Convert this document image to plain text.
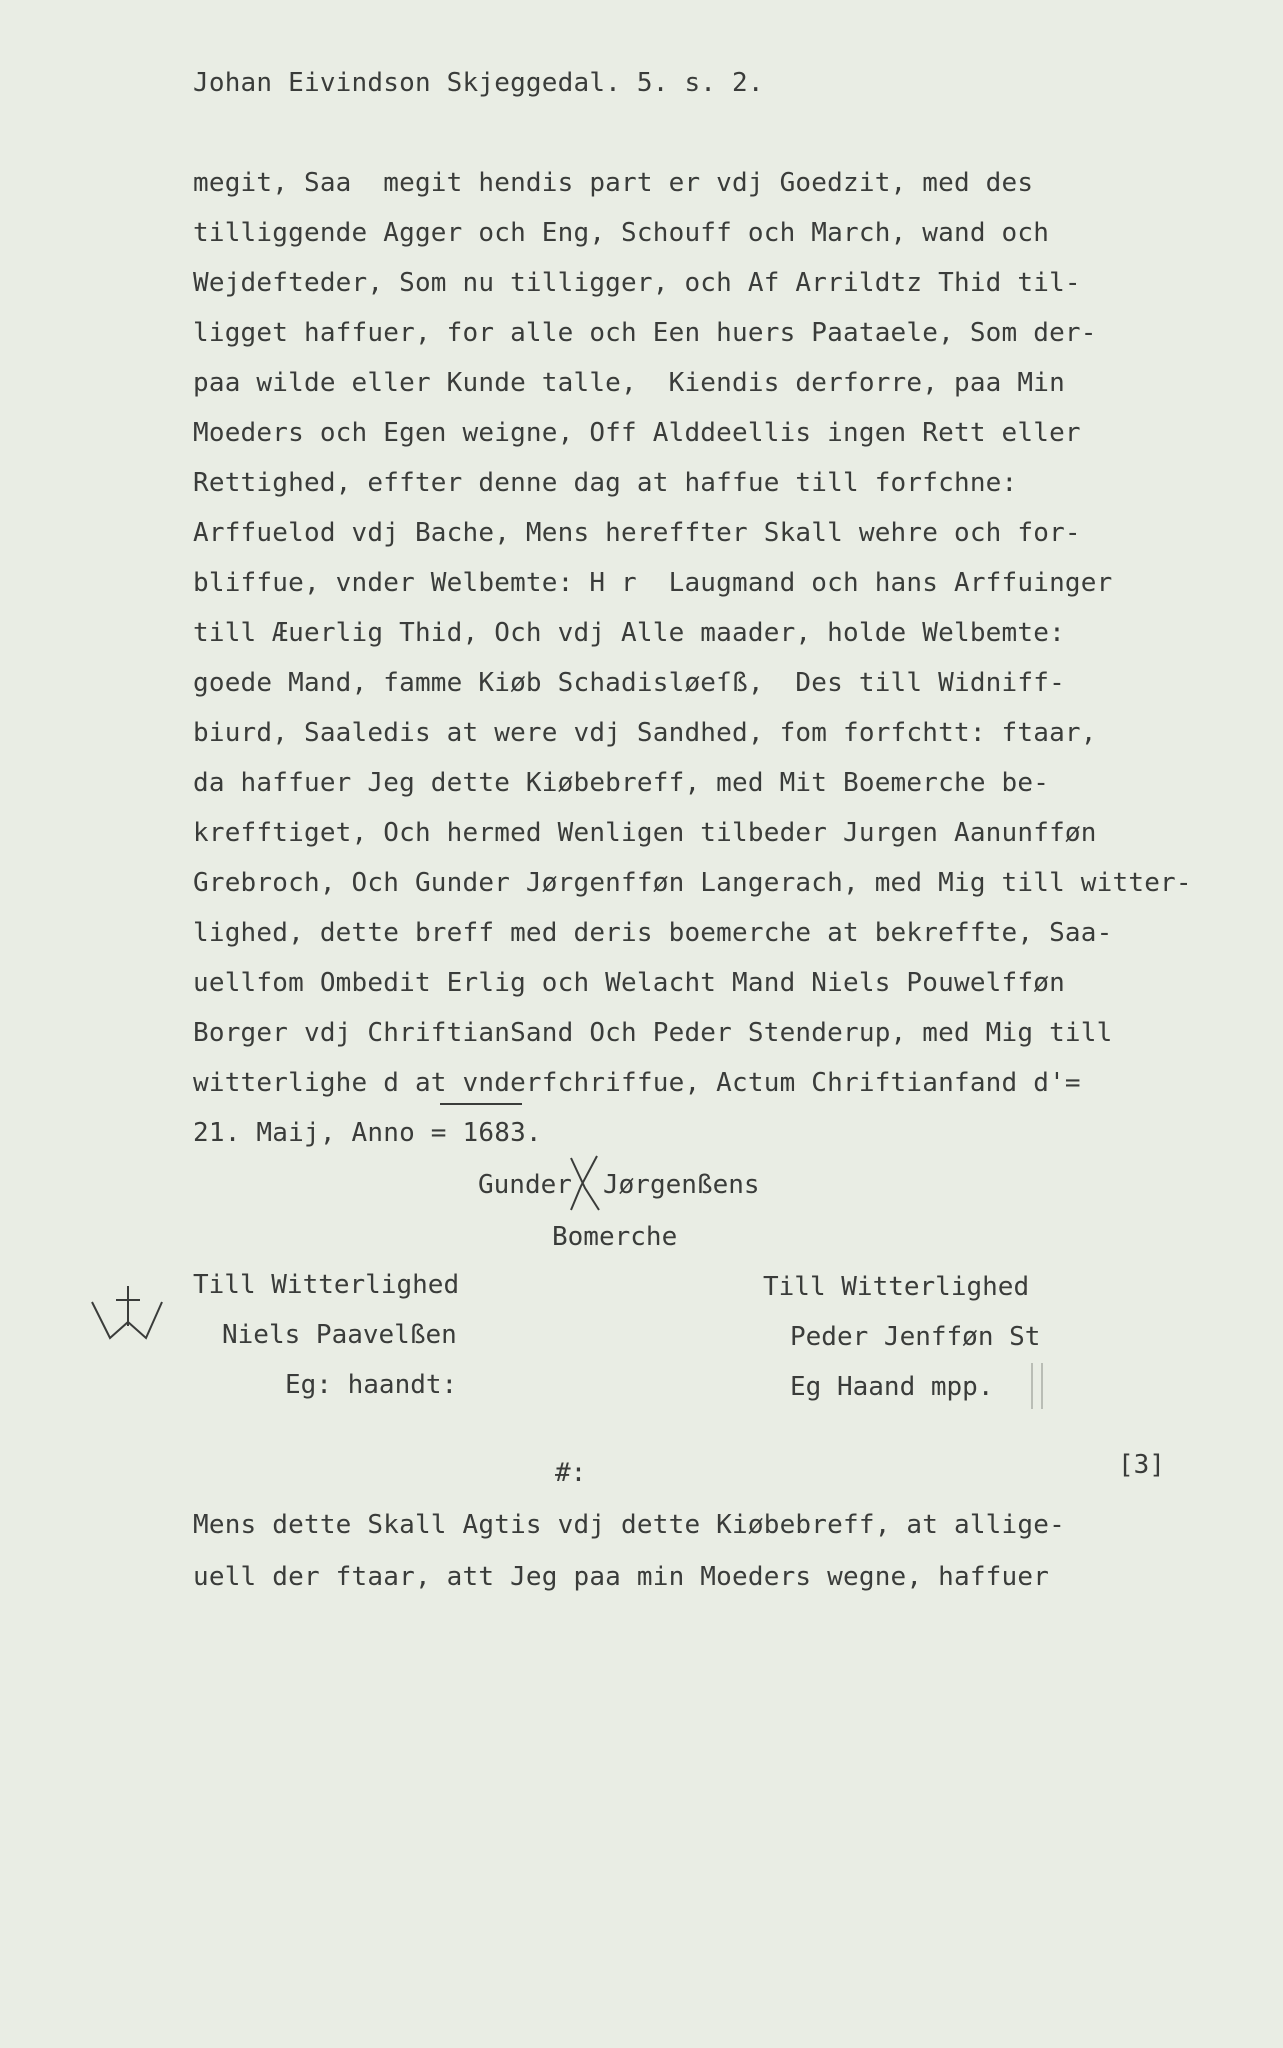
Johan Eivindson Skjeggedal. 5. s. 2.
megit, Saa  megit hendis part er vdj Goedzit, med des
tilliggende Agger och Eng, Schouff och March, wand och
Wejdefteder, Som nu tilligger, och Af Arrildtz Thid til-
ligget haffuer, for alle och Een huers Paataele, Som der-
paa wilde eller Kunde talle,  Kiendis derforre, paa Min
Moeders och Egen weigne, Off Alddeellis ingen Rett eller
Rettighed, effter denne dag at haffue till forfchne:
Arffuelod vdj Bache, Mens hereffter Skall wehre och for-
bliffue, vnder Welbemte: H r  Laugmand och hans Arffuinger
till Æuerlig Thid, Och vdj Alle maader, holde Welbemte:
goede Mand, famme Kiøb Schadisløeſß,  Des till Widniff-
biurd, Saaledis at were vdj Sandhed, fom forfchtt: ftaar,
da haffuer Jeg dette Kiøbebreff, med Mit Boemerche be-
krefftiget, Och hermed Wenligen tilbeder Jurgen Aanunfføn
Grebroch, Och Gunder Jørgenfføn Langerach, med Mig till witter-
lighed, dette breff med deris boemerche at bekreffte, Saa-
uellfom Ombedit Erlig och Welacht Mand Niels Pouwelfføn
Borger vdj ChriftianSand Och Peder Stenderup, med Mig till
witterlighe d at vnderfchriffue, Actum Chriftianfand d'=
21. Maij, Anno = 1683.
Gunder Jørgenßens
Bomerche
Till Witterlighed
Niels Paavelßen
Eg: haandt:
Till Witterlighed
Peder Jenfføn St
Eg Haand mpp.
#:	[3]
Mens dette Skall Agtis vdj dette Kiøbebreff, at allige-
uell der ftaar, att Jeg paa min Moeders wegne, haffuer
